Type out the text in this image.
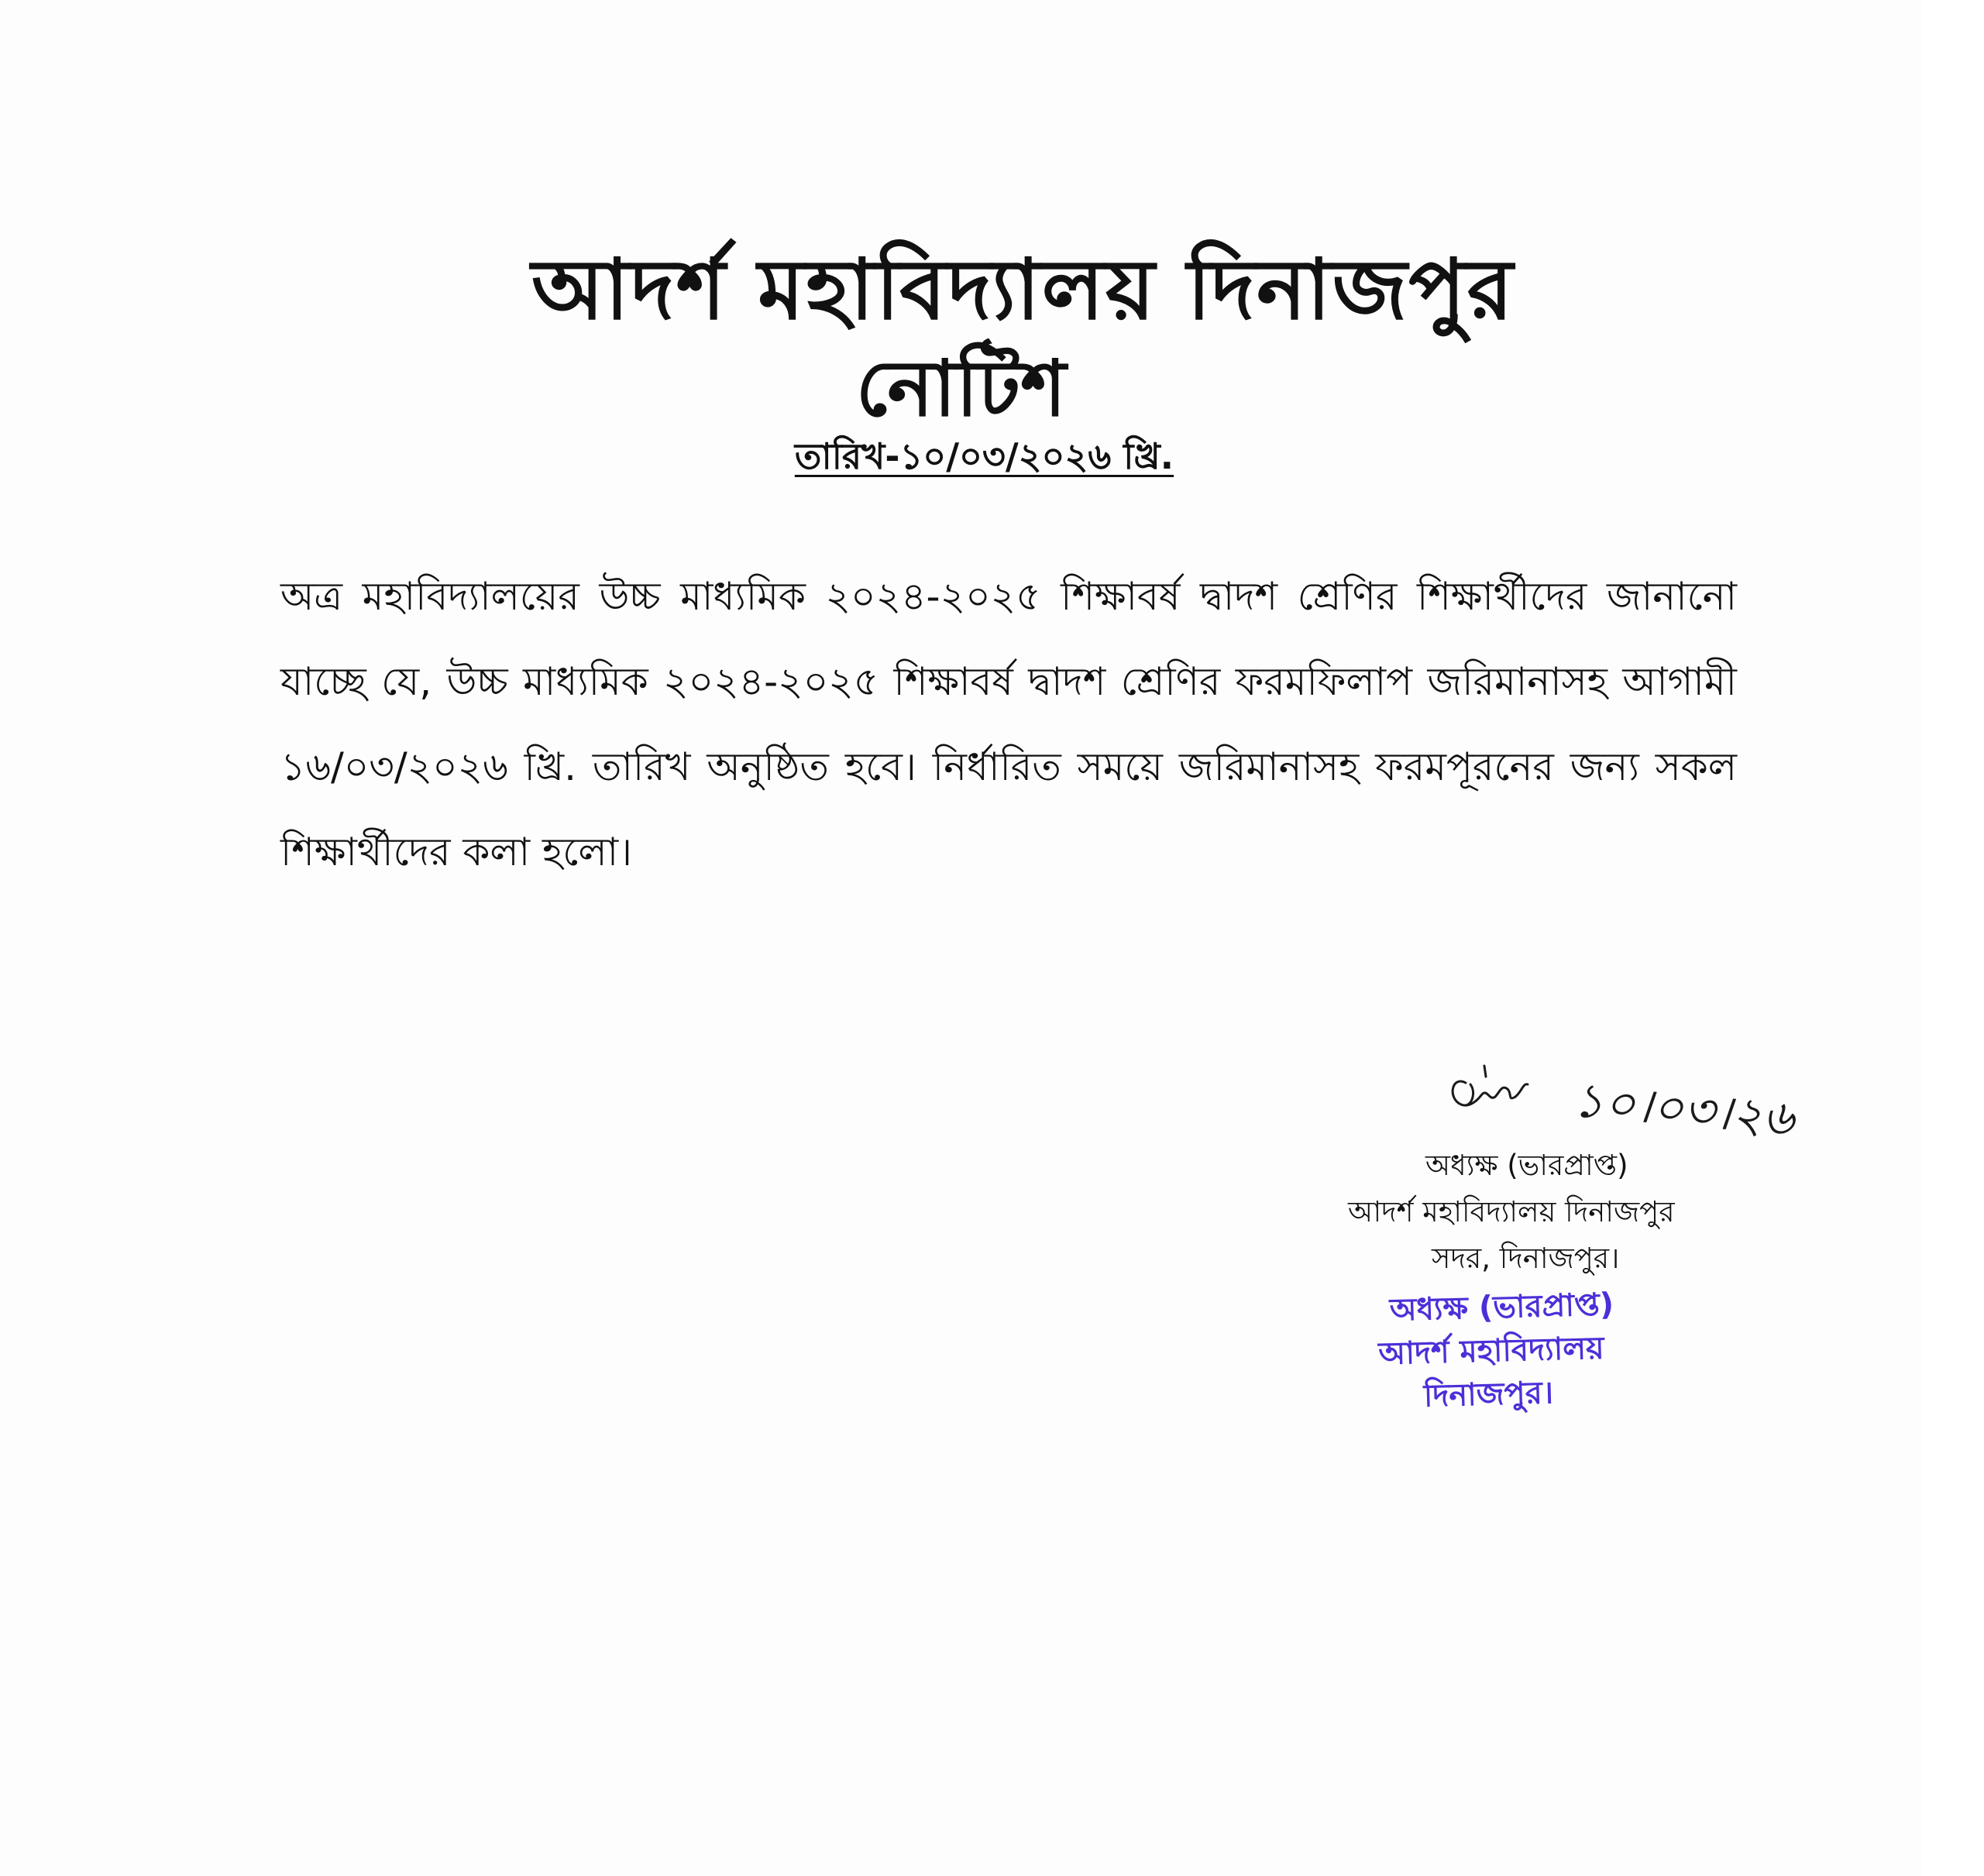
আদর্শ মহাবিদ্যালয় দিনাজপুর
নোটিশ
তারিখ-১০/০৩/২০২৬ খ্রি.
অত্র মহাবিদ্যালয়ের উচ্চ মাধ্যমিক ২০২৪-২০২৫ শিক্ষাবর্ষ দ্বাদশ শ্রেণির শিক্ষার্থীদের জানানো যাচ্ছে যে, উচ্চ মাধ্যমিক ২০২৪-২০২৫ শিক্ষাবর্ষ দ্বাদশ শ্রেণির ফরমফিলাপ জরিমানাসহ আগামী ১৬/০৩/২০২৬ খ্রি. তারিখ অনুষ্ঠিত হবে। নির্ধারিত সময়ে জরিমানাসহ ফরমপূরনের জন্য সকল শিক্ষার্থীদের কলা হলো।
১০।০৩।২৬
অধ্যক্ষ (ভারপ্রাপ্ত)
আদর্শ মহাবিদ্যালয় দিনাজপুর
সদর, দিনাজপুর।
অধ্যক্ষ (ভারপ্রাপ্ত)
আদর্শ মহাবিদ্যালয়
দিনাজপুর।
